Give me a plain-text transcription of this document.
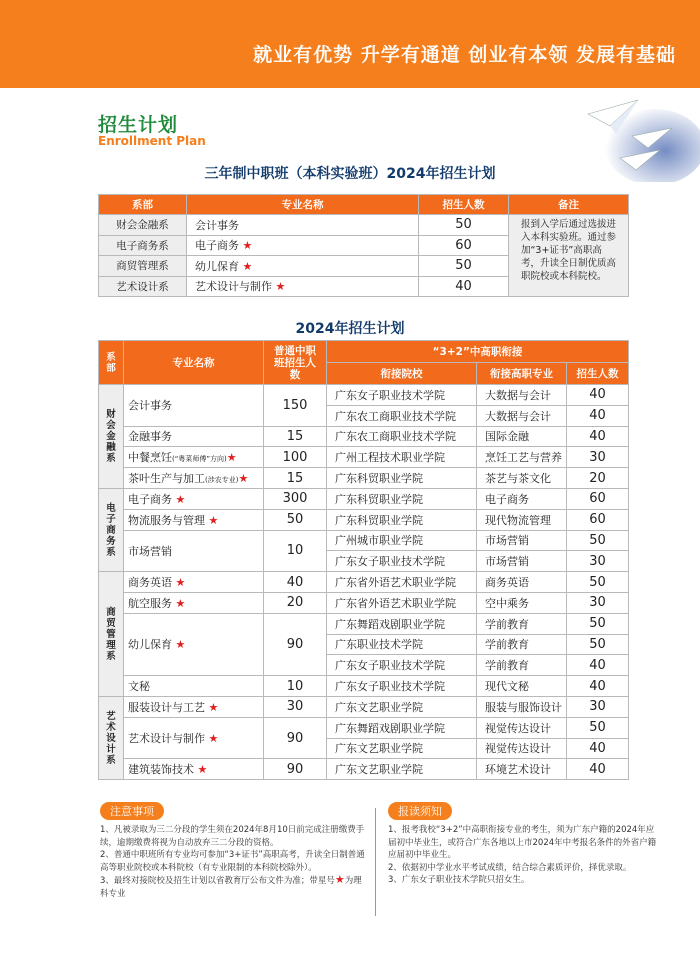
就业有优势 升学有通道 创业有本领 发展有基础
招生计划
Enrollment Plan
三年制中职班（本科实验班）2024年招生计划
系部	专业名称	招生人数	备注
财会金融系	会计事务	50	报到入学后通过选拔进入本科实验班。通过参加“3+证书”高职高考，升读全日制优质高职院校或本科院校。
电子商务系	电子商务 ★	60	
商贸管理系	幼儿保育 ★	50	
艺术设计系	艺术设计与制作 ★	40	
2024年招生计划
系部	专业名称	普通中职班招生人数	“3+2”中高职衔接		
			衔接院校	衔接高职专业	招生人数
财会金融系	会计事务	150	广东女子职业技术学院	大数据与会计	40
			广东农工商职业技术学院	大数据与会计	40
	金融事务	15	广东农工商职业技术学院	国际金融	40
	中餐烹饪(“粤菜师傅”方向)★	100	广州工程技术职业学院	烹饪工艺与营养	30
	茶叶生产与加工(涉农专业)★	15	广东科贸职业学院	茶艺与茶文化	20
电子商务系	电子商务 ★	300	广东科贸职业学院	电子商务	60
	物流服务与管理 ★	50	广东科贸职业学院	现代物流管理	60
	市场营销	10	广州城市职业学院	市场营销	50
			广东女子职业技术学院	市场营销	30
商贸管理系	商务英语 ★	40	广东省外语艺术职业学院	商务英语	50
	航空服务 ★	20	广东省外语艺术职业学院	空中乘务	30
	幼儿保育 ★	90	广东舞蹈戏剧职业学院	学前教育	50
			广东职业技术学院	学前教育	50
			广东女子职业技术学院	学前教育	40
	文秘	10	广东女子职业技术学院	现代文秘	40
艺术设计系	服装设计与工艺 ★	30	广东文艺职业学院	服装与服饰设计	30
	艺术设计与制作 ★	90	广东舞蹈戏剧职业学院	视觉传达设计	50
			广东文艺职业学院	视觉传达设计	40
	建筑装饰技术 ★	90	广东文艺职业学院	环境艺术设计	40
注意事项

1、凡被录取为三二分段的学生须在2024年8月10日前完成注册缴费手续，逾期缴费将视为自动放弃三二分段的资格。

2、普通中职班所有专业均可参加“3+证书”高职高考，升读全日制普通高等职业院校或本科院校（有专业限制的本科院校除外）。

3、最终对接院校及招生计划以省教育厅公布文件为准；带星号★为理科专业

报读须知

1、报考我校“3+2”中高职衔接专业的考生，须为广东户籍的2024年应届初中毕业生，或符合广东各地以上市2024年中考报名条件的外省户籍应届初中毕业生。

2、依据初中学业水平考试成绩，结合综合素质评价，择优录取。

3、广东女子职业技术学院只招女生。
